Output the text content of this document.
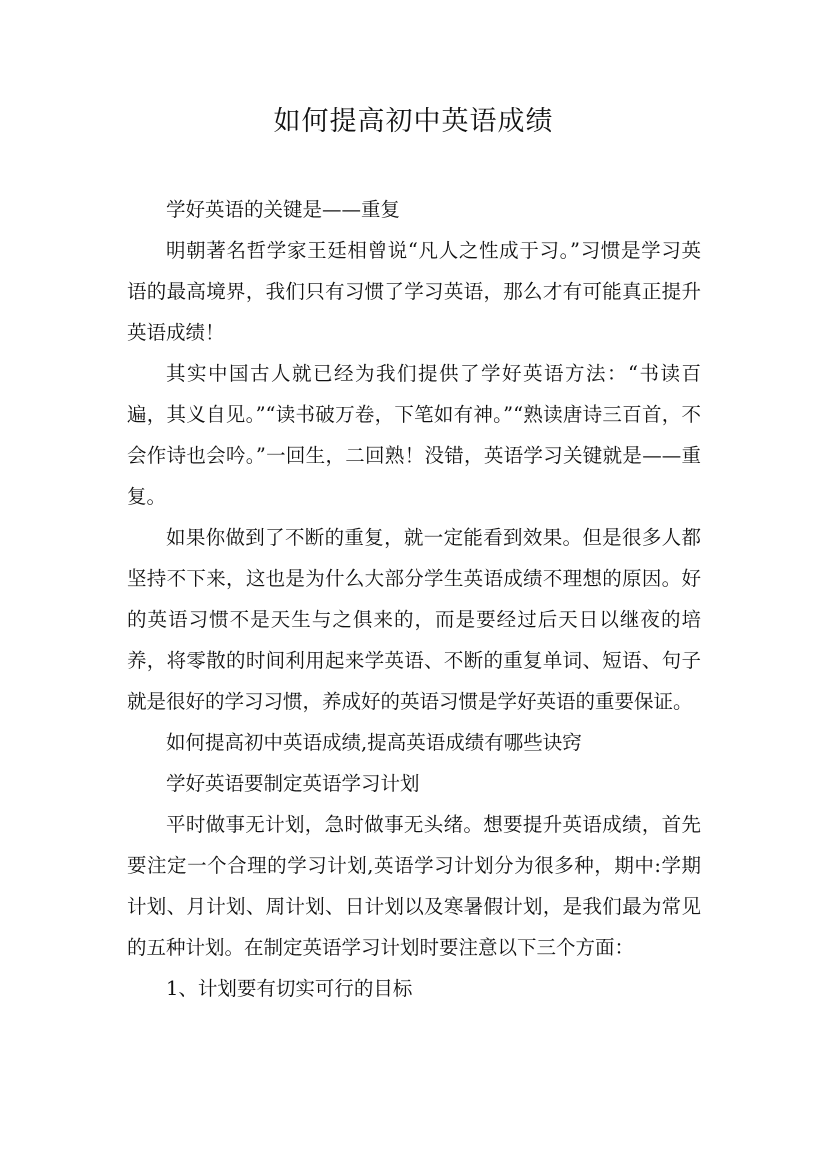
如何提高初中英语成绩

学好英语的关键是——重复

明朝著名哲学家王廷相曾说“凡人之性成于习。”习惯是学习英语的最高境界，我们只有习惯了学习英语，那么才有可能真正提升英语成绩！

其实中国古人就已经为我们提供了学好英语方法：“书读百遍，其义自见。”“读书破万卷，下笔如有神。”“熟读唐诗三百首，不会作诗也会吟。”一回生，二回熟！没错，英语学习关键就是——重复。

如果你做到了不断的重复，就一定能看到效果。但是很多人都坚持不下来，这也是为什么大部分学生英语成绩不理想的原因。好的英语习惯不是天生与之俱来的，而是要经过后天日以继夜的培养，将零散的时间利用起来学英语、不断的重复单词、短语、句子就是很好的学习习惯，养成好的英语习惯是学好英语的重要保证。

如何提高初中英语成绩,提高英语成绩有哪些诀窍

学好英语要制定英语学习计划

平时做事无计划，急时做事无头绪。想要提升英语成绩，首先要注定一个合理的学习计划,英语学习计划分为很多种，期中:学期计划、月计划、周计划、日计划以及寒暑假计划，是我们最为常见的五种计划。在制定英语学习计划时要注意以下三个方面：

1、计划要有切实可行的目标
